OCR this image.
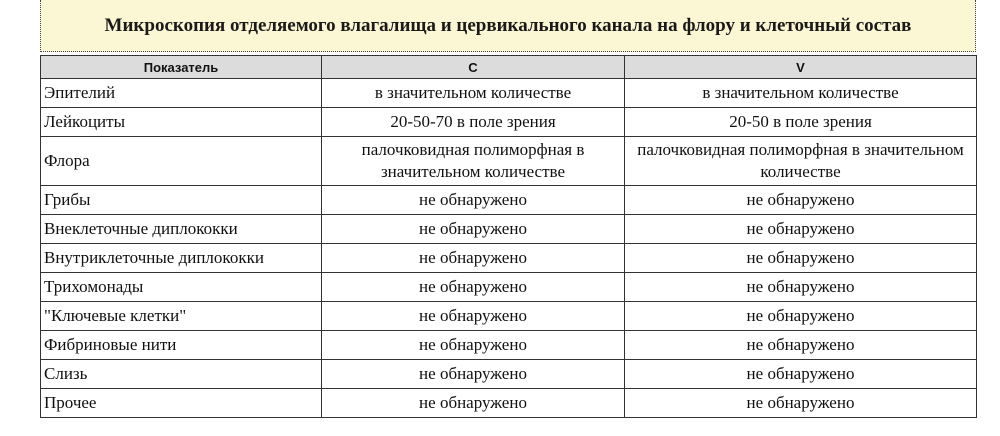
Микроскопия отделяемого влагалища и цервикального канала на флору и клеточный состав
Показатель	C	V
Эпителий	в значительном количестве	в значительном количестве
Лейкоциты	20-50-70 в поле зрения	20-50 в поле зрения
Флора	палочковидная полиморфная в значительном количестве	палочковидная полиморфная в значительном количестве
Грибы	не обнаружено	не обнаружено
Внеклеточные диплококки	не обнаружено	не обнаружено
Внутриклеточные диплококки	не обнаружено	не обнаружено
Трихомонады	не обнаружено	не обнаружено
"Ключевые клетки"	не обнаружено	не обнаружено
Фибриновые нити	не обнаружено	не обнаружено
Слизь	не обнаружено	не обнаружено
Прочее	не обнаружено	не обнаружено
